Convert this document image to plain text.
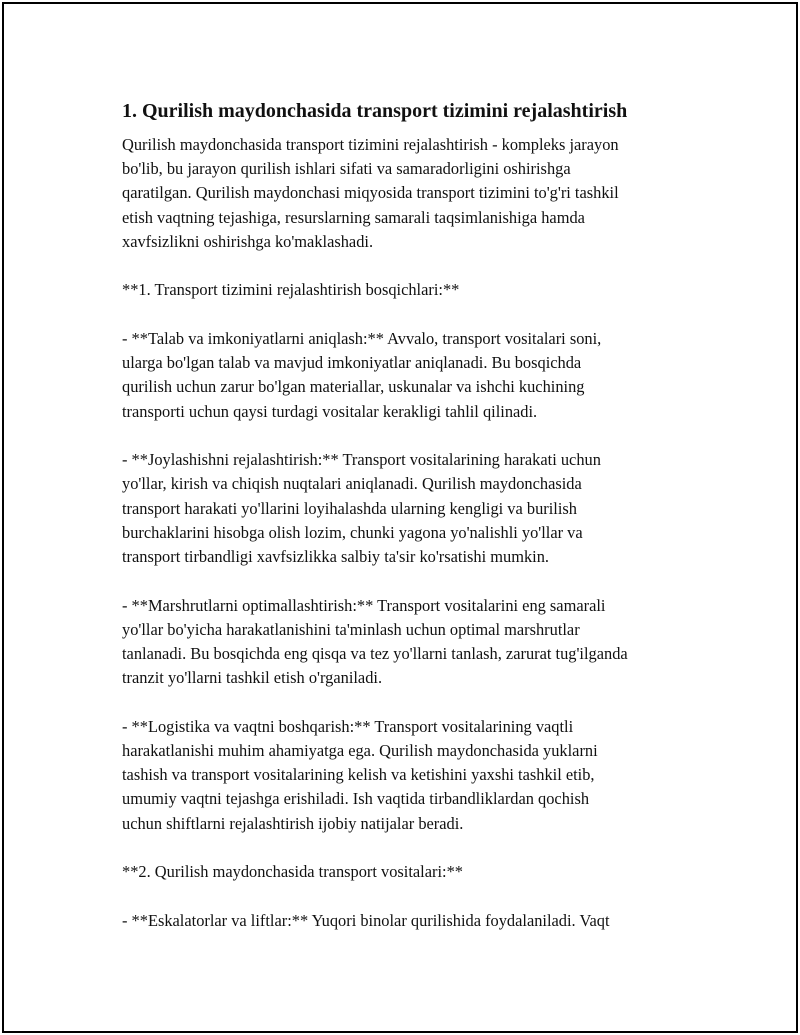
1. Qurilish maydonchasida transport tizimini rejalashtirish
Qurilish maydonchasida transport tizimini rejalashtirish - kompleks jarayon
bo'lib, bu jarayon qurilish ishlari sifati va samaradorligini oshirishga
qaratilgan. Qurilish maydonchasi miqyosida transport tizimini to'g'ri tashkil
etish vaqtning tejashiga, resurslarning samarali taqsimlanishiga hamda
xavfsizlikni oshirishga ko'maklashadi.
**1. Transport tizimini rejalashtirish bosqichlari:**
- **Talab va imkoniyatlarni aniqlash:** Avvalo, transport vositalari soni,
ularga bo'lgan talab va mavjud imkoniyatlar aniqlanadi. Bu bosqichda
qurilish uchun zarur bo'lgan materiallar, uskunalar va ishchi kuchining
transporti uchun qaysi turdagi vositalar kerakligi tahlil qilinadi.
- **Joylashishni rejalashtirish:** Transport vositalarining harakati uchun
yo'llar, kirish va chiqish nuqtalari aniqlanadi. Qurilish maydonchasida
transport harakati yo'llarini loyihalashda ularning kengligi va burilish
burchaklarini hisobga olish lozim, chunki yagona yo'nalishli yo'llar va
transport tirbandligi xavfsizlikka salbiy ta'sir ko'rsatishi mumkin.
- **Marshrutlarni optimallashtirish:** Transport vositalarini eng samarali
yo'llar bo'yicha harakatlanishini ta'minlash uchun optimal marshrutlar
tanlanadi. Bu bosqichda eng qisqa va tez yo'llarni tanlash, zarurat tug'ilganda
tranzit yo'llarni tashkil etish o'rganiladi.
- **Logistika va vaqtni boshqarish:** Transport vositalarining vaqtli
harakatlanishi muhim ahamiyatga ega. Qurilish maydonchasida yuklarni
tashish va transport vositalarining kelish va ketishini yaxshi tashkil etib,
umumiy vaqtni tejashga erishiladi. Ish vaqtida tirbandliklardan qochish
uchun shiftlarni rejalashtirish ijobiy natijalar beradi.
**2. Qurilish maydonchasida transport vositalari:**
- **Eskalatorlar va liftlar:** Yuqori binolar qurilishida foydalaniladi. Vaqt
